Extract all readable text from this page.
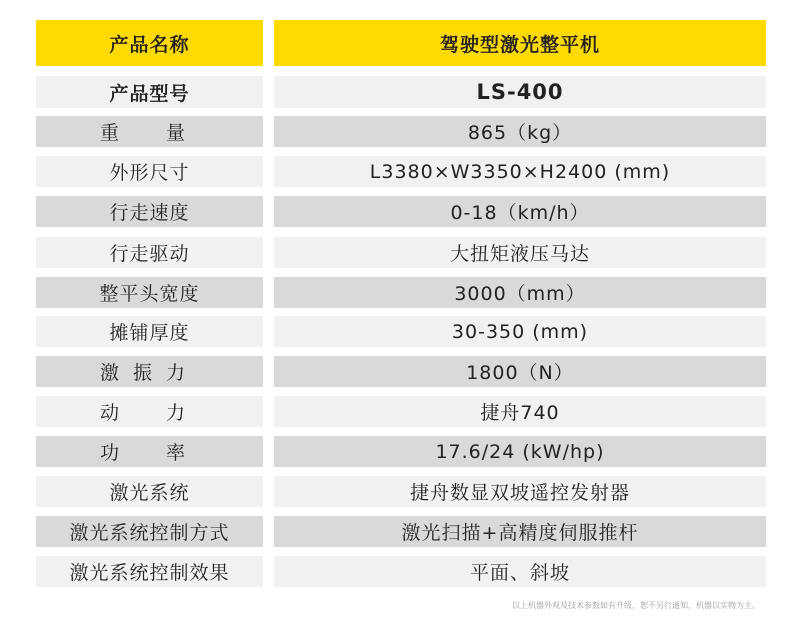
产品名称	驾驶型激光整平机
产品型号	LS-400
重　量	865（kg）
外形尺寸	L3380×W3350×H2400 (mm)
行走速度	0-18（km/h）
行走驱动	大扭矩液压马达
整平头宽度	3000（mm）
摊铺厚度	30-350 (mm)
激振力	1800（N）
动　力	捷舟740
功　率	17.6/24 (kW/hp)
激光系统	捷舟数显双坡遥控发射器
激光系统控制方式	激光扫描+高精度伺服推杆
激光系统控制效果	平面、斜坡
以上机器外观及技术参数如有升级，恕不另行通知，机器以实物为主。
